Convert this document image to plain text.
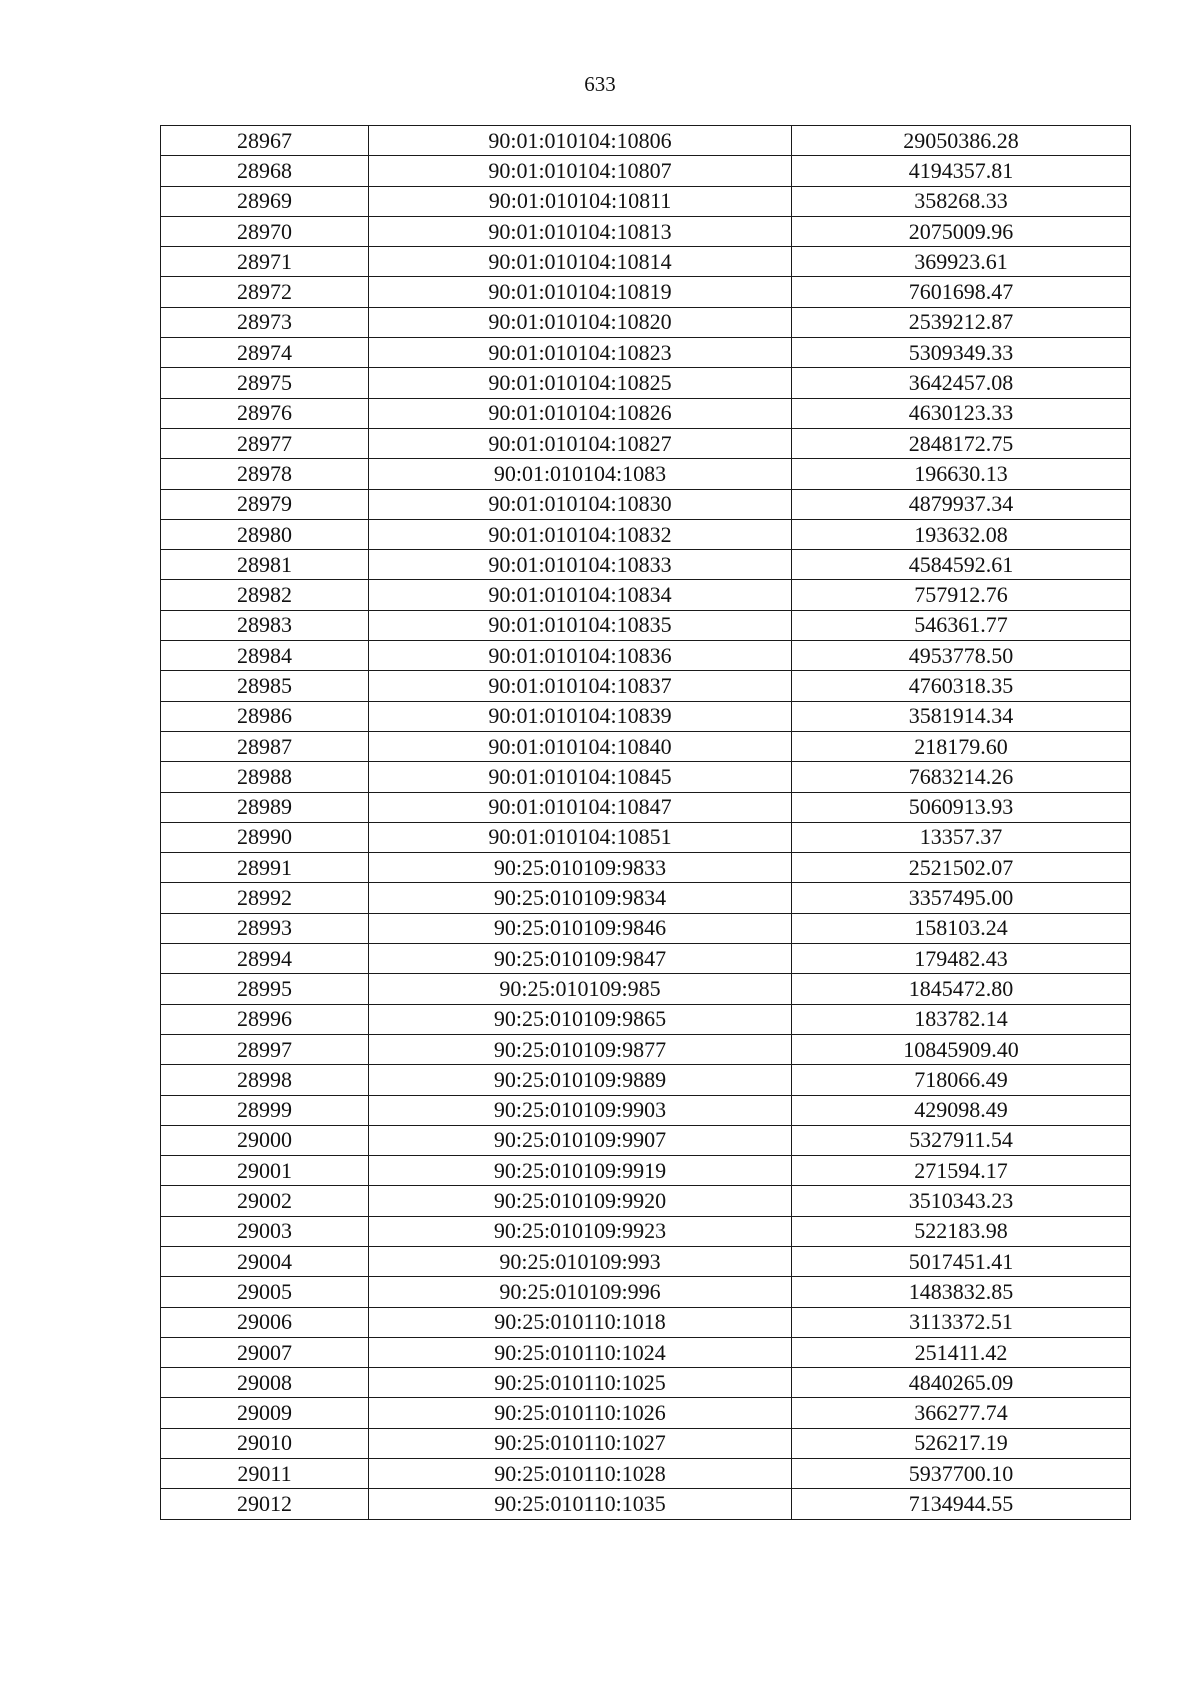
633
28967	90:01:010104:10806	29050386.28
28968	90:01:010104:10807	4194357.81
28969	90:01:010104:10811	358268.33
28970	90:01:010104:10813	2075009.96
28971	90:01:010104:10814	369923.61
28972	90:01:010104:10819	7601698.47
28973	90:01:010104:10820	2539212.87
28974	90:01:010104:10823	5309349.33
28975	90:01:010104:10825	3642457.08
28976	90:01:010104:10826	4630123.33
28977	90:01:010104:10827	2848172.75
28978	90:01:010104:1083	196630.13
28979	90:01:010104:10830	4879937.34
28980	90:01:010104:10832	193632.08
28981	90:01:010104:10833	4584592.61
28982	90:01:010104:10834	757912.76
28983	90:01:010104:10835	546361.77
28984	90:01:010104:10836	4953778.50
28985	90:01:010104:10837	4760318.35
28986	90:01:010104:10839	3581914.34
28987	90:01:010104:10840	218179.60
28988	90:01:010104:10845	7683214.26
28989	90:01:010104:10847	5060913.93
28990	90:01:010104:10851	13357.37
28991	90:25:010109:9833	2521502.07
28992	90:25:010109:9834	3357495.00
28993	90:25:010109:9846	158103.24
28994	90:25:010109:9847	179482.43
28995	90:25:010109:985	1845472.80
28996	90:25:010109:9865	183782.14
28997	90:25:010109:9877	10845909.40
28998	90:25:010109:9889	718066.49
28999	90:25:010109:9903	429098.49
29000	90:25:010109:9907	5327911.54
29001	90:25:010109:9919	271594.17
29002	90:25:010109:9920	3510343.23
29003	90:25:010109:9923	522183.98
29004	90:25:010109:993	5017451.41
29005	90:25:010109:996	1483832.85
29006	90:25:010110:1018	3113372.51
29007	90:25:010110:1024	251411.42
29008	90:25:010110:1025	4840265.09
29009	90:25:010110:1026	366277.74
29010	90:25:010110:1027	526217.19
29011	90:25:010110:1028	5937700.10
29012	90:25:010110:1035	7134944.55
